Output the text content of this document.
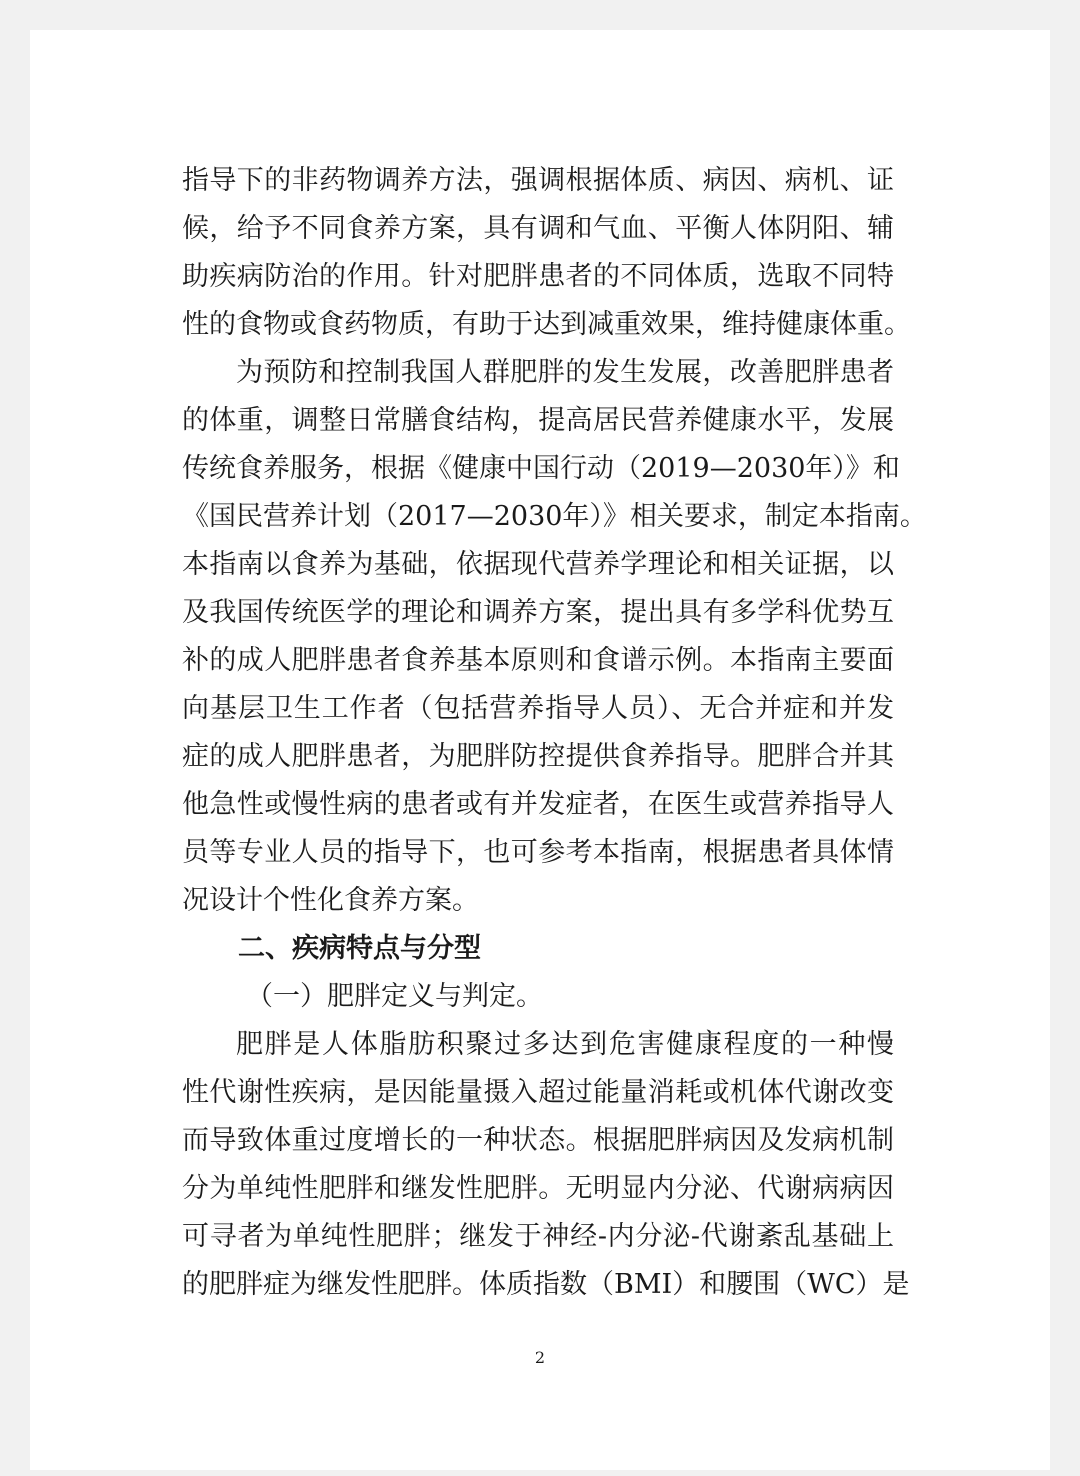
指导下的非药物调养方法，强调根据体质、病因、病机、证
候，给予不同食养方案，具有调和气血、平衡人体阴阳、辅
助疾病防治的作用。针对肥胖患者的不同体质，选取不同特
性的食物或食药物质，有助于达到减重效果，维持健康体重。
为预防和控制我国人群肥胖的发生发展，改善肥胖患者
的体重，调整日常膳食结构，提高居民营养健康水平，发展
传统食养服务，根据《健康中国行动（2019—2030年）》和
《国民营养计划（2017—2030年）》相关要求，制定本指南。
本指南以食养为基础，依据现代营养学理论和相关证据，以
及我国传统医学的理论和调养方案，提出具有多学科优势互
补的成人肥胖患者食养基本原则和食谱示例。本指南主要面
向基层卫生工作者（包括营养指导人员）、无合并症和并发
症的成人肥胖患者，为肥胖防控提供食养指导。肥胖合并其
他急性或慢性病的患者或有并发症者，在医生或营养指导人
员等专业人员的指导下，也可参考本指南，根据患者具体情
况设计个性化食养方案。
二、疾病特点与分型
（一）肥胖定义与判定。
肥胖是人体脂肪积聚过多达到危害健康程度的一种慢
性代谢性疾病，是因能量摄入超过能量消耗或机体代谢改变
而导致体重过度增长的一种状态。根据肥胖病因及发病机制
分为单纯性肥胖和继发性肥胖。无明显内分泌、代谢病病因
可寻者为单纯性肥胖；继发于神经-内分泌-代谢紊乱基础上
的肥胖症为继发性肥胖。体质指数（BMI）和腰围（WC）是
2
